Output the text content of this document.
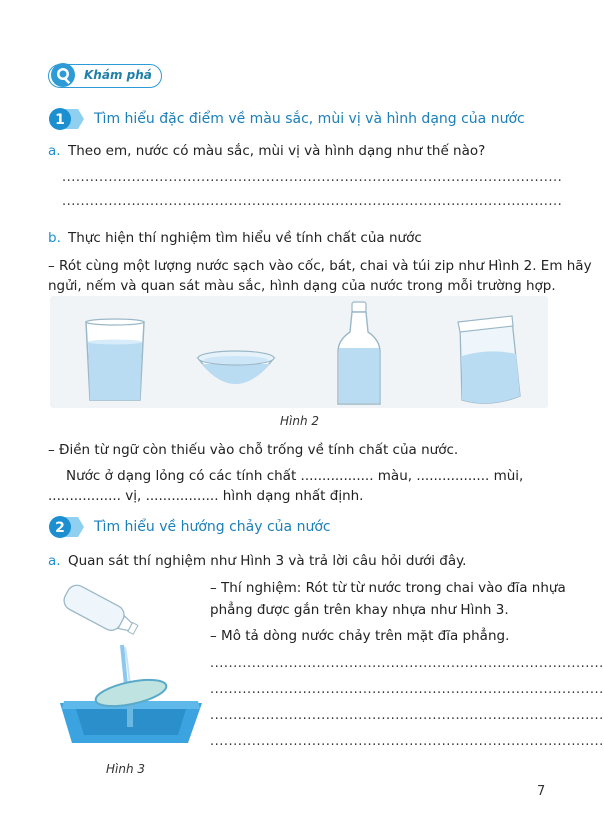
Khám phá
1 Tìm hiểu đặc điểm về màu sắc, mùi vị và hình dạng của nước
a. Theo em, nước có màu sắc, mùi vị và hình dạng như thế nào?
............................................................................................................
............................................................................................................
b. Thực hiện thí nghiệm tìm hiểu về tính chất của nước
– Rót cùng một lượng nước sạch vào cốc, bát, chai và túi zip như Hình 2. Em hãy
ngửi, nếm và quan sát màu sắc, hình dạng của nước trong mỗi trường hợp.
Hình 2
– Điền từ ngữ còn thiếu vào chỗ trống về tính chất của nước.
Nước ở dạng lỏng có các tính chất ................. màu, ................. mùi,
................. vị, ................. hình dạng nhất định.
2 Tìm hiểu về hướng chảy của nước
a. Quan sát thí nghiệm như Hình 3 và trả lời câu hỏi dưới đây.
– Thí nghiệm: Rót từ từ nước trong chai vào đĩa nhựa
phẳng được gắn trên khay nhựa như Hình 3.
– Mô tả dòng nước chảy trên mặt đĩa phẳng.
.....................................................................................
.....................................................................................
.....................................................................................
.....................................................................................
Hình 3
7
